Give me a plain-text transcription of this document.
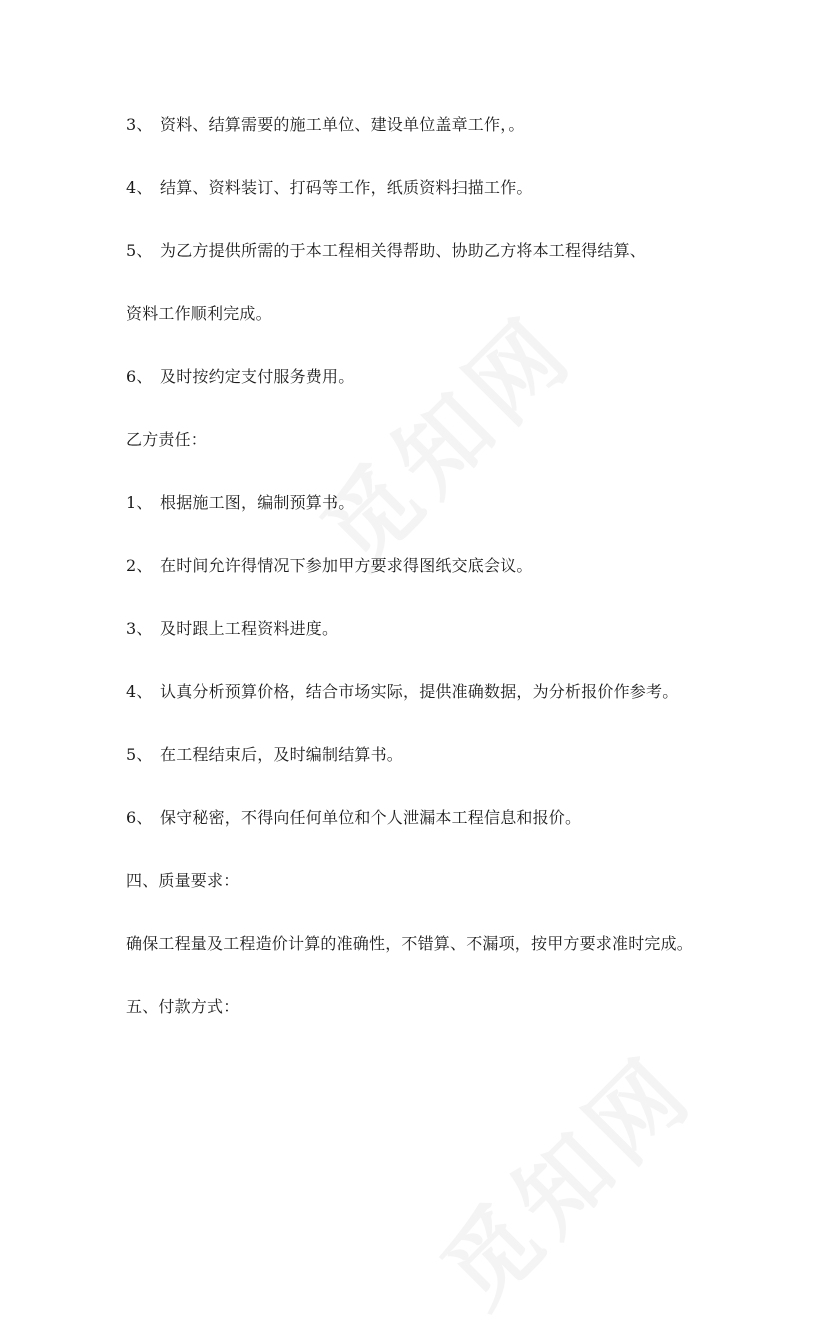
3、 资料、结算需要的施工单位、建设单位盖章工作，。
4、 结算、资料装订、打码等工作，纸质资料扫描工作。
5、 为乙方提供所需的于本工程相关得帮助、协助乙方将本工程得结算、
资料工作顺利完成。
6、 及时按约定支付服务费用。
乙方责任：
1、 根据施工图，编制预算书。
2、 在时间允许得情况下参加甲方要求得图纸交底会议。
3、 及时跟上工程资料进度。
4、 认真分析预算价格，结合市场实际，提供准确数据，为分析报价作参考。
5、 在工程结束后，及时编制结算书。
6、 保守秘密，不得向任何单位和个人泄漏本工程信息和报价。
四、质量要求：
确保工程量及工程造价计算的准确性，不错算、不漏项，按甲方要求准时完成。
五、付款方式：
